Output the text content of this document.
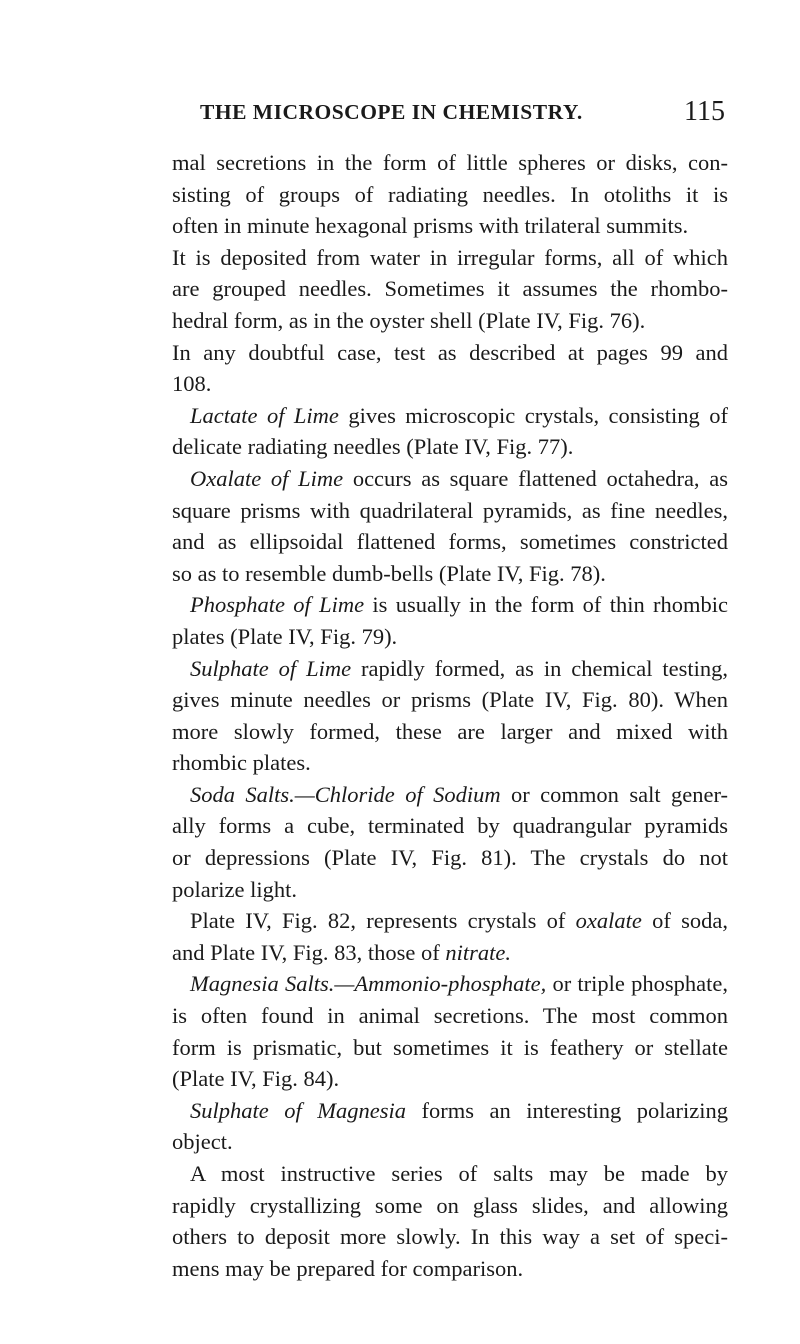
THE MICROSCOPE IN CHEMISTRY.	115
mal secretions in the form of little spheres or disks, con-
sisting of groups of radiating needles. In otoliths it is
often in minute hexagonal prisms with trilateral summits.
It is deposited from water in irregular forms, all of which
are grouped needles. Sometimes it assumes the rhombo-
hedral form, as in the oyster shell (Plate IV, Fig. 76).
In any doubtful case, test as described at pages 99 and
108.
Lactate of Lime gives microscopic crystals, consisting of
delicate radiating needles (Plate IV, Fig. 77).
Oxalate of Lime occurs as square flattened octahedra, as
square prisms with quadrilateral pyramids, as fine needles,
and as ellipsoidal flattened forms, sometimes constricted
so as to resemble dumb-bells (Plate IV, Fig. 78).
Phosphate of Lime is usually in the form of thin rhombic
plates (Plate IV, Fig. 79).
Sulphate of Lime rapidly formed, as in chemical testing,
gives minute needles or prisms (Plate IV, Fig. 80). When
more slowly formed, these are larger and mixed with
rhombic plates.
Soda Salts.—Chloride of Sodium or common salt gener-
ally forms a cube, terminated by quadrangular pyramids
or depressions (Plate IV, Fig. 81). The crystals do not
polarize light.
Plate IV, Fig. 82, represents crystals of oxalate of soda,
and Plate IV, Fig. 83, those of nitrate.
Magnesia Salts.—Ammonio-phosphate, or triple phosphate,
is often found in animal secretions. The most common
form is prismatic, but sometimes it is feathery or stellate
(Plate IV, Fig. 84).
Sulphate of Magnesia forms an interesting polarizing
object.
A most instructive series of salts may be made by
rapidly crystallizing some on glass slides, and allowing
others to deposit more slowly. In this way a set of speci-
mens may be prepared for comparison.
